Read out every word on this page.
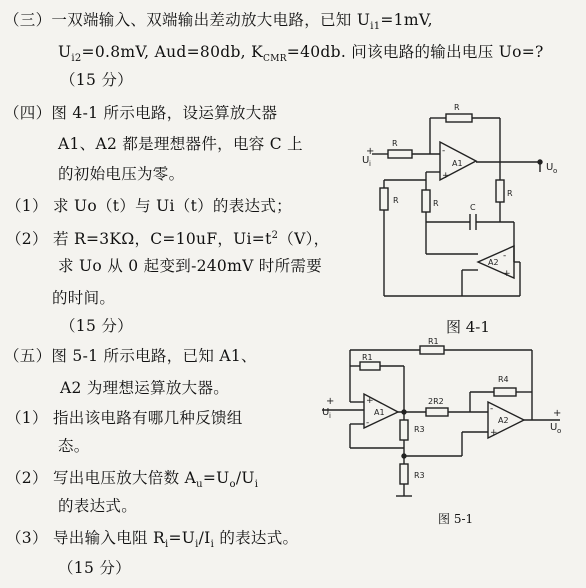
（三）一双端输入、双端输出差动放大电路，已知 $U_{i1}=1mV$,
$U_{i2}=0.8mV$, Aud=80db, $K_{CMR}=40db$. 问该电路的输出电压 Uo=?
（15 分）
（四）图 4-1 所示电路，设运算放大器
A1、A2 都是理想器件，电容 C 上
的初始电压为零。
（1） 求 Uo（t）与 Ui（t）的表达式；
（2） 若 R=3KΩ，C=10uF，$Ui=t^2(V)$，
求 Uo 从 0 起变到-240mV 时所需要
的时间。
（15 分）
+
U i	U o
R
R
R	R
R
C
A1
A2
-
+
-
+
图 4-1
（五）图 5-1 所示电路，已知 A1、
A2 为理想运算放大器。
（1） 指出该电路有哪几种反馈组
态。
（2） 写出电压放大倍数 $A_u=U_o/U_i$
的表达式。
（3） 导出输入电阻 $R_i=U_i/I_i$ 的表达式。
（15 分）
+
U i	+
U o
R1
R1
2R2
R3
R3
R4
A1
A2
+
-
-
+
图 5-1
